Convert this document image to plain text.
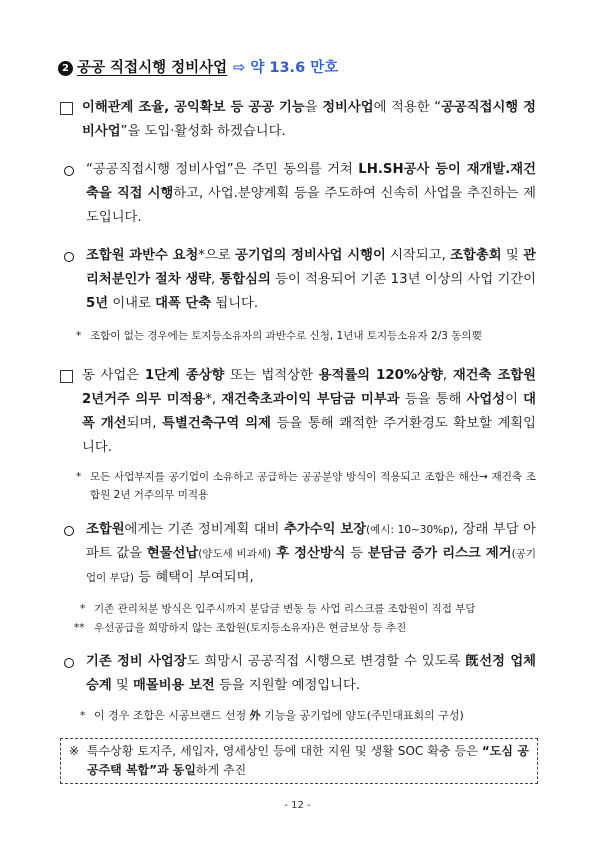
2 공공 직접시행 정비사업 ⇨ 약 13.6 만호
이해관계 조율, 공익확보 등 공공 기능을 정비사업에 적용한 “공공직접시행 정비사업”을 도입·활성화 하겠습니다.
“공공직접시행 정비사업”은 주민 동의를 거쳐 LH.SH공사 등이 재개발.재건축을 직접 시행하고, 사업.분양계획 등을 주도하여 신속히 사업을 추진하는 제도입니다.
조합원 과반수 요청*으로 공기업의 정비사업 시행이 시작되고, 조합총회 및 관리처분인가 절차 생략, 통합심의 등이 적용되어 기존 13년 이상의 사업 기간이 5년 이내로 대폭 단축 됩니다.
* 조합이 없는 경우에는 토지등소유자의 과반수로 신청, 1년내 토지등소유자 2/3 동의要
동 사업은 1단계 종상향 또는 법적상한 용적률의 120%상향, 재건축 조합원 2년거주 의무 미적용*, 재건축초과이익 부담금 미부과 등을 통해 사업성이 대폭 개선되며, 특별건축구역 의제 등을 통해 쾌적한 주거환경도 확보할 계획입니다.
* 모든 사업부지를 공기업이 소유하고 공급하는 공공분양 방식이 적용되고 조합은 해산→ 재건축 조합원 2년 거주의무 미적용
조합원에게는 기존 정비계획 대비 추가수익 보장(예시: 10~30%p), 장래 부담 아파트 값을 현물선납(양도세 비과세) 후 정산방식 등 분담금 증가 리스크 제거(공기업이 부담) 등 혜택이 부여되며,
* 기존 관리처분 방식은 입주시까지 분담금 변동 등 사업 리스크를 조합원이 직접 부담
** 우선공급을 희망하지 않는 조합원(토지등소유자)은 현금보상 등 추진
기존 정비 사업장도 희망시 공공직접 시행으로 변경할 수 있도록 旣선정 업체 승계 및 매몰비용 보전 등을 지원할 예정입니다.
* 이 경우 조합은 시공브랜드 선정 外 기능을 공기업에 양도(주민대표회의 구성)
※ 특수상황 토지주, 세입자, 영세상인 등에 대한 지원 및 생활 SOC 확충 등은 “도심 공공주택 복합”과 동일하게 추진
- 12 -
